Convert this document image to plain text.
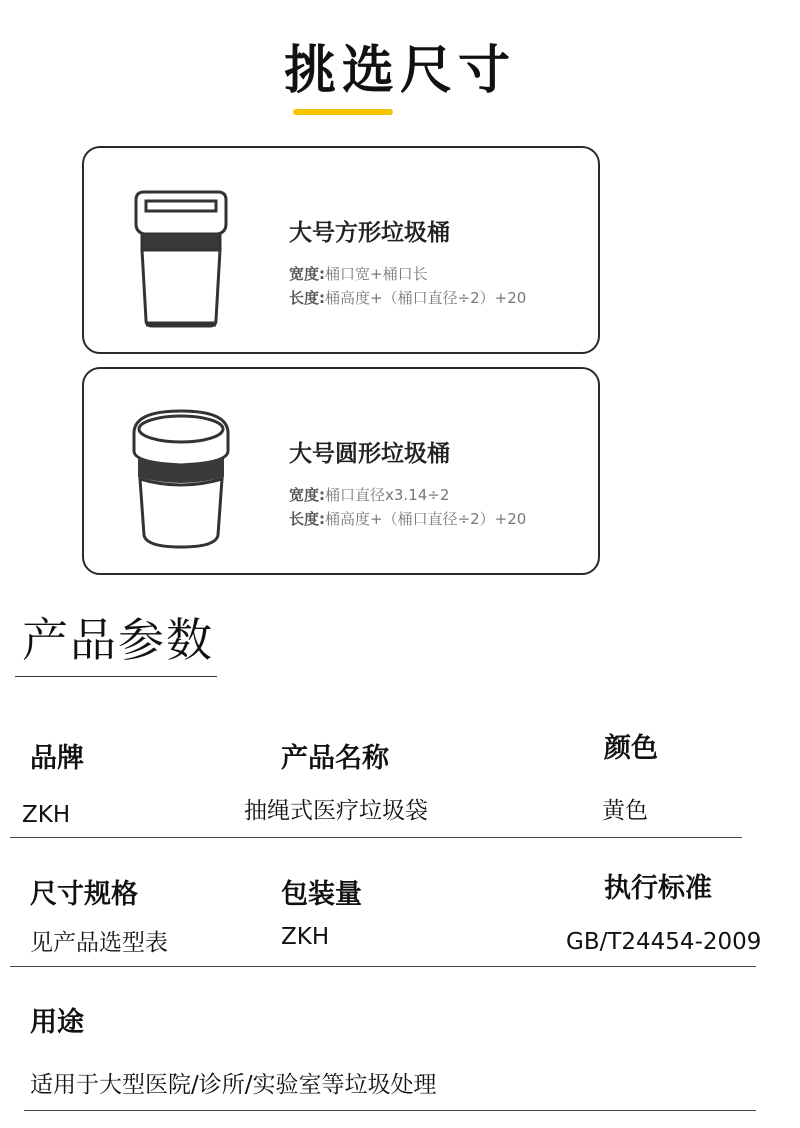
挑选尺寸
大号方形垃圾桶
宽度:桶口宽+桶口长
长度:桶高度+（桶口直径÷2）+20
大号圆形垃圾桶
宽度:桶口直径x3.14÷2
长度:桶高度+（桶口直径÷2）+20
产品参数
品牌	产品名称	颜色
ZKH	抽绳式医疗垃圾袋	黄色
尺寸规格	包装量	执行标准
见产品选型表	ZKH	GB/T24454-2009
用途
适用于大型医院/诊所/实验室等垃圾处理
